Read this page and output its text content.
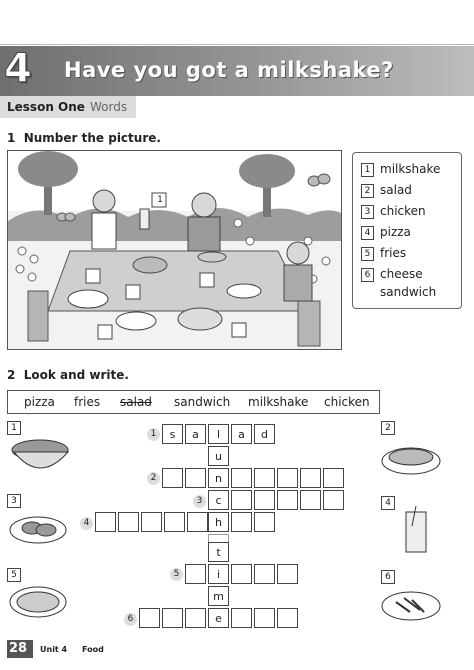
4 Have you got a milkshake?
Lesson One Words
1 Number the picture.
1
1 milkshake
2 salad
3 chicken
4 pizza
5 fries
6 cheese
sandwich
2 Look and write.
pizza fries salad sandwich milkshake chicken
1	2
3	4
5	6
1	s	a	l	a	d
u
2	n
3	c
4	h
t
5	i
m
6	e
28 Unit 4 Food
